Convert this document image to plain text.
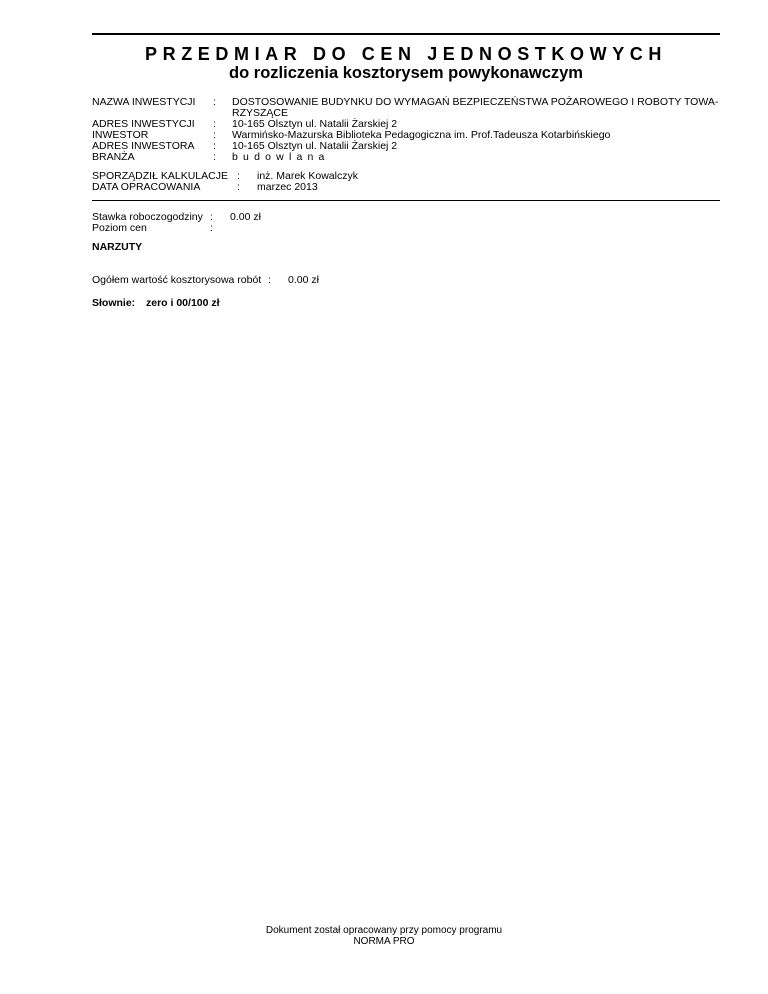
PRZEDMIAR DO CEN JEDNOSTKOWYCH
do rozliczenia kosztorysem powykonawczym
NAZWA INWESTYCJI : DOSTOSOWANIE BUDYNKU DO WYMAGAŃ BEZPIECZEŃSTWA POŻAROWEGO I ROBOTY TOWA-
RZYSZĄCE
ADRES INWESTYCJI : 10-165 Olsztyn ul. Natalii Żarskiej 2
INWESTOR	: Warmińsko-Mazurska Biblioteka Pedagogiczna im. Prof.Tadeusza Kotarbińskiego
ADRES INWESTORA : 10-165 Olsztyn ul. Natalii Żarskiej 2
BRANŻA	: budowlana
SPORZĄDZIŁ KALKULACJE : inż. Marek Kowalczyk
DATA OPRACOWANIA	: marzec 2013
Stawka roboczogodziny : 0.00 zł
Poziom cen	:
NARZUTY
Ogółem wartość kosztorysowa robót : 0.00 zł
Słownie: zero i 00/100 zł
Dokument został opracowany przy pomocy programu
NORMA PRO
